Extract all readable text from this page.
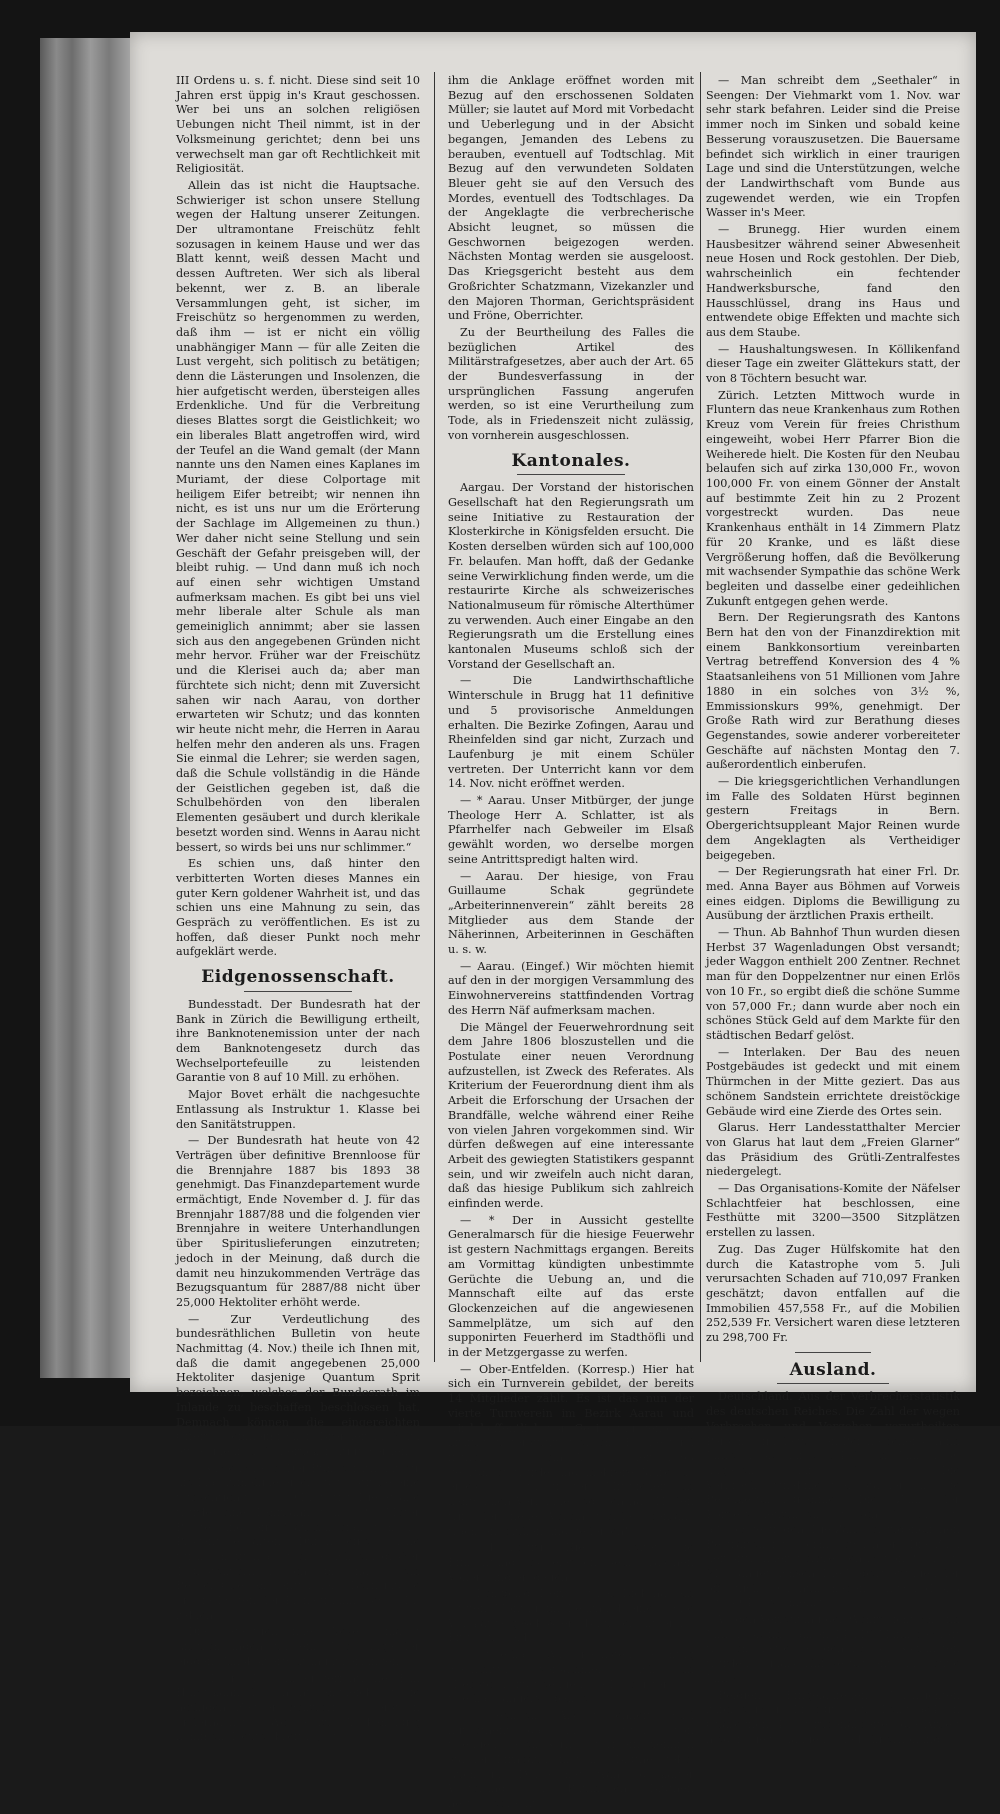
III Ordens u. s. f. nicht. Diese sind seit 10 Jahren erst üppig in's Kraut geschossen. Wer bei uns an solchen religiösen Uebungen nicht Theil nimmt, ist in der Volksmeinung gerichtet; denn bei uns verwechselt man gar oft Rechtlichkeit mit Religiosität.

Allein das ist nicht die Hauptsache. Schwieriger ist schon unsere Stellung wegen der Haltung unserer Zeitungen. Der ultramontane Freischütz fehlt sozusagen in keinem Hause und wer das Blatt kennt, weiß dessen Macht und dessen Auftreten. Wer sich als liberal bekennt, wer z. B. an liberale Versammlungen geht, ist sicher, im Freischütz so hergenommen zu werden, daß ihm — ist er nicht ein völlig unabhängiger Mann — für alle Zeiten die Lust vergeht, sich politisch zu betätigen; denn die Lästerungen und Insolenzen, die hier aufgetischt werden, übersteigen alles Erdenkliche. Und für die Verbreitung dieses Blattes sorgt die Geistlichkeit; wo ein liberales Blatt angetroffen wird, wird der Teufel an die Wand gemalt (der Mann nannte uns den Namen eines Kaplanes im Muriamt, der diese Colportage mit heiligem Eifer betreibt; wir nennen ihn nicht, es ist uns nur um die Erörterung der Sachlage im Allgemeinen zu thun.) Wer daher nicht seine Stellung und sein Geschäft der Gefahr preisgeben will, der bleibt ruhig. — Und dann muß ich noch auf einen sehr wichtigen Umstand aufmerksam machen. Es gibt bei uns viel mehr liberale alter Schule als man gemeiniglich annimmt; aber sie lassen sich aus den angegebenen Gründen nicht mehr hervor. Früher war der Freischütz und die Klerisei auch da; aber man fürchtete sich nicht; denn mit Zuversicht sahen wir nach Aarau, von dorther erwarteten wir Schutz; und das konnten wir heute nicht mehr, die Herren in Aarau helfen mehr den anderen als uns. Fragen Sie einmal die Lehrer; sie werden sagen, daß die Schule vollständig in die Hände der Geistlichen gegeben ist, daß die Schulbehörden von den liberalen Elementen gesäubert und durch klerikale besetzt worden sind. Wenns in Aarau nicht bessert, so wirds bei uns nur schlimmer.“

Es schien uns, daß hinter den verbitterten Worten dieses Mannes ein guter Kern goldener Wahrheit ist, und das schien uns eine Mahnung zu sein, das Gespräch zu veröffentlichen. Es ist zu hoffen, daß dieser Punkt noch mehr aufgeklärt werde.

Eidgenossenschaft.

Bundesstadt. Der Bundesrath hat der Bank in Zürich die Bewilligung ertheilt, ihre Banknotenemission unter der nach dem Banknotengesetz durch das Wechselportefeuille zu leistenden Garantie von 8 auf 10 Mill. zu erhöhen.

Major Bovet erhält die nachgesuchte Entlassung als Instruktur 1. Klasse bei den Sanitätstruppen.

— Der Bundesrath hat heute von 42 Verträgen über definitive Brennloose für die Brennjahre 1887 bis 1893 38 genehmigt. Das Finanzdepartement wurde ermächtigt, Ende November d. J. für das Brennjahr 1887/88 und die folgenden vier Brennjahre in weitere Unterhandlungen über Spirituslieferungen einzutreten; jedoch in der Meinung, daß durch die damit neu hinzukommenden Verträge das Bezugsquantum für 2887/88 nicht über 25,000 Hektoliter erhöht werde.

— Zur Verdeutlichung des bundesräthlichen Bulletin von heute Nachmittag (4. Nov.) theile ich Ihnen mit, daß die damit angegebenen 25,000 Hektoliter dasjenige Quantum Sprit bezeichnen, welches der Bundesrath im Inlande zu beschaffen beschlossen hat. Demnach können die eingereichten Offerten einheimischer Brenner bloß zu etwas mehr als ¾ berücksichtigt werden.

— Sustenstraße. Der Bundesrath hat für die Planaufnahme einer Sustenstraße eine Subvention von 7000 Fr. votirt. Die Straße würde eine Fahrbahn von 4,20 Meter Breite und ein Maximalgefäll von 10 Prozent erhalten. Durch eine solche Straße hofft man, werde sich ein großer Touristenverkehr von und nach dem Berner Oberland entwickeln. Bern müßte an die Kosten der Planaufnahme 8000 Fr. zahlen.

Die Stadtgemeinde Vevey macht Anstrengungen, um eine Niederlage der eidgen. Alkoholverwaltung zu erlangen.

— Bern. Der kriegsgerichtliche Fall Hürst kann, da es nicht ganz leicht ist, die nöthigen Zeugen beizubringen, erst in andernächster Woche zur Verhandlung kommen. Heute (Freitag) ist

ihm die Anklage eröffnet worden mit Bezug auf den erschossenen Soldaten Müller; sie lautet auf Mord mit Vorbedacht und Ueberlegung und in der Absicht begangen, Jemanden des Lebens zu berauben, eventuell auf Todtschlag. Mit Bezug auf den verwundeten Soldaten Bleuer geht sie auf den Versuch des Mordes, eventuell des Todtschlages. Da der Angeklagte die verbrecherische Absicht leugnet, so müssen die Geschwornen beigezogen werden. Nächsten Montag werden sie ausgeloost. Das Kriegsgericht besteht aus dem Großrichter Schatzmann, Vizekanzler und den Majoren Thorman, Gerichtspräsident und Fröne, Oberrichter.

Zu der Beurtheilung des Falles die bezüglichen Artikel des Militärstrafgesetzes, aber auch der Art. 65 der Bundesverfassung in der ursprünglichen Fassung angerufen werden, so ist eine Verurtheilung zum Tode, als in Friedenszeit nicht zulässig, von vornherein ausgeschlossen.

Kantonales.

Aargau. Der Vorstand der historischen Gesellschaft hat den Regierungsrath um seine Initiative zu Restauration der Klosterkirche in Königsfelden ersucht. Die Kosten derselben würden sich auf 100,000 Fr. belaufen. Man hofft, daß der Gedanke seine Verwirklichung finden werde, um die restaurirte Kirche als schweizerisches Nationalmuseum für römische Alterthümer zu verwenden. Auch einer Eingabe an den Regierungsrath um die Erstellung eines kantonalen Museums schloß sich der Vorstand der Gesellschaft an.

— Die Landwirthschaftliche Winterschule in Brugg hat 11 definitive und 5 provisorische Anmeldungen erhalten. Die Bezirke Zofingen, Aarau und Rheinfelden sind gar nicht, Zurzach und Laufenburg je mit einem Schüler vertreten. Der Unterricht kann vor dem 14. Nov. nicht eröffnet werden.

— * Aarau. Unser Mitbürger, der junge Theologe Herr A. Schlatter, ist als Pfarrhelfer nach Gebweiler im Elsaß gewählt worden, wo derselbe morgen seine Antrittspredigt halten wird.

— Aarau. Der hiesige, von Frau Guillaume Schak gegründete „Arbeiterinnenverein“ zählt bereits 28 Mitglieder aus dem Stande der Näherinnen, Arbeiterinnen in Geschäften u. s. w.

— Aarau. (Eingef.) Wir möchten hiemit auf den in der morgigen Versammlung des Einwohnervereins stattfindenden Vortrag des Herrn Näf aufmerksam machen.

Die Mängel der Feuerwehrordnung seit dem Jahre 1806 bloszustellen und die Postulate einer neuen Verordnung aufzustellen, ist Zweck des Referates. Als Kriterium der Feuerordnung dient ihm als Arbeit die Erforschung der Ursachen der Brandfälle, welche während einer Reihe von vielen Jahren vorgekommen sind. Wir dürfen deßwegen auf eine interessante Arbeit des gewiegten Statistikers gespannt sein, und wir zweifeln auch nicht daran, daß das hiesige Publikum sich zahlreich einfinden werde.

— * Der in Aussicht gestellte Generalmarsch für die hiesige Feuerwehr ist gestern Nachmittags ergangen. Bereits am Vormittag kündigten unbestimmte Gerüchte die Uebung an, und die Mannschaft eilte auf das erste Glockenzeichen auf die angewiesenen Sammelplätze, um sich auf den supponirten Feuerherd im Stadthöfli und in der Metzgergasse zu werfen.

— Ober-Entfelden. (Korresp.) Hier hat sich ein Turnverein gebildet, der bereits 14 Mitglieder zählt. Es ist das nun der vierte Turnverein im Bezirk Aarau und wird hoffentlich von Gesinnungsgenossen kräftig unterstützt werden. Es bestand früher schon ein Verein, der 1863 gegründet wurde und mehrere Jahre als eines der tüchtigsten Mitglieder im kantonalen Verbande gegolten hat. Hoffen wir, der neue Verein werde ebenfalls wachsen, blühen und gedeihen!

— Lenzburg. Hier schreitet die Einrichtung des Telephons seiner raschen Vollendung entgegen.

— Lenzburg. Herr Gottlieb Eich hat am letzten Montag im Lenzhard eine große Wildkatze geschossen. Dafür erhält er 20 Fr. Schußgeld.

— Seethal. Am nächsten Sonntag Nachmittag versammeln sich im „Rebstock“ zu Seengen die Delegirten des Seethal-Sängerverbandes.

— Seengen. Als Seltenheit wird mitgetheilt, daß an der Straße von Seengen gegen Sarmenstorf ein ziemlich starker Birnbaum in voller Blüthe stehe. Auch im Dorfe hat während kalter Witterung ein Bäumchen Blüthen hervorgebracht.

— Man schreibt dem „Seethaler“ in Seengen: Der Viehmarkt vom 1. Nov. war sehr stark befahren. Leider sind die Preise immer noch im Sinken und sobald keine Besserung vorauszusetzen. Die Bauersame befindet sich wirklich in einer traurigen Lage und sind die Unterstützungen, welche der Landwirthschaft vom Bunde aus zugewendet werden, wie ein Tropfen Wasser in's Meer.

— Brunegg. Hier wurden einem Hausbesitzer während seiner Abwesenheit neue Hosen und Rock gestohlen. Der Dieb, wahrscheinlich ein fechtender Handwerksbursche, fand den Hausschlüssel, drang ins Haus und entwendete obige Effekten und machte sich aus dem Staube.

— Haushaltungswesen. In Köllikenfand dieser Tage ein zweiter Glättekurs statt, der von 8 Töchtern besucht war.

Zürich. Letzten Mittwoch wurde in Fluntern das neue Krankenhaus zum Rothen Kreuz vom Verein für freies Christhum eingeweiht, wobei Herr Pfarrer Bion die Weiherede hielt. Die Kosten für den Neubau belaufen sich auf zirka 130,000 Fr., wovon 100,000 Fr. von einem Gönner der Anstalt auf bestimmte Zeit hin zu 2 Prozent vorgestreckt wurden. Das neue Krankenhaus enthält in 14 Zimmern Platz für 20 Kranke, und es läßt diese Vergrößerung hoffen, daß die Bevölkerung mit wachsender Sympathie das schöne Werk begleiten und dasselbe einer gedeihlichen Zukunft entgegen gehen werde.

Bern. Der Regierungsrath des Kantons Bern hat den von der Finanzdirektion mit einem Bankkonsortium vereinbarten Vertrag betreffend Konversion des 4 % Staatsanleihens von 51 Millionen vom Jahre 1880 in ein solches von 3½ %, Emmissionskurs 99%, genehmigt. Der Große Rath wird zur Berathung dieses Gegenstandes, sowie anderer vorbereiteter Geschäfte auf nächsten Montag den 7. außerordentlich einberufen.

— Die kriegsgerichtlichen Verhandlungen im Falle des Soldaten Hürst beginnen gestern Freitags in Bern. Obergerichtsuppleant Major Reinen wurde dem Angeklagten als Vertheidiger beigegeben.

— Der Regierungsrath hat einer Frl. Dr. med. Anna Bayer aus Böhmen auf Vorweis eines eidgen. Diploms die Bewilligung zu Ausübung der ärztlichen Praxis ertheilt.

— Thun. Ab Bahnhof Thun wurden diesen Herbst 37 Wagenladungen Obst versandt; jeder Waggon enthielt 200 Zentner. Rechnet man für den Doppelzentner nur einen Erlös von 10 Fr., so ergibt dieß die schöne Summe von 57,000 Fr.; dann wurde aber noch ein schönes Stück Geld auf dem Markte für den städtischen Bedarf gelöst.

— Interlaken. Der Bau des neuen Postgebäudes ist gedeckt und mit einem Thürmchen in der Mitte geziert. Das aus schönem Sandstein errichtete dreistöckige Gebäude wird eine Zierde des Ortes sein.

Glarus. Herr Landesstatthalter Mercier von Glarus hat laut dem „Freien Glarner“ das Präsidium des Grütli-Zentralfestes niedergelegt.

— Das Organisations-Komite der Näfelser Schlachtfeier hat beschlossen, eine Festhütte mit 3200—3500 Sitzplätzen erstellen zu lassen.

Zug. Das Zuger Hülfskomite hat den durch die Katastrophe vom 5. Juli verursachten Schaden auf 710,097 Franken geschätzt; davon entfallen auf die Immobilien 457,558 Fr., auf die Mobilien 252,539 Fr. Versichert waren diese letzteren zu 298,700 Fr.

Ausland.

Deutschland. Aus der Verbrecherstatistik des deutschen Reiches. Die Zahl der wegen Verbrechen und Vergehen verurtheilten Personen im deutschen Reiche belief sich im Jahre 1882 auf 329,468, im Jahr 1886 dagegen auf 353,000. Die Verbrecherzunahme war stärker, als die Bevölkerungszunahme. Die Zahl der Körperverletzungen ist von 38,291 auf 53,759 gestiegen. Die Zahl der jugendlichen Bestraften ist enorm gewachsen. Die Zahl der Sittlichkeitsverbrechen ist von 2851 auf 3187 angewachsen. Die Uebertretungen der öffentlichen Ordnung haben sich von 51,623 auf 60,458 vermehrt.

Wegen Verletzung der Wehrpflicht sind im Jahr 1882 im Ganzen 14,119 Mann bestraft worden, heute dagegen 19,580. Sozialisten wurden damals 122 verurtheilt, das letzte Jahr 92.

Belgien. Eingelaufenen Nachrichten zufolge ist in Probuits sous Lenu 584, in Quaregnon 470 Grubenarbeiter die Arbeit nieder; sie verlangen eine Lohnerhöhung.
